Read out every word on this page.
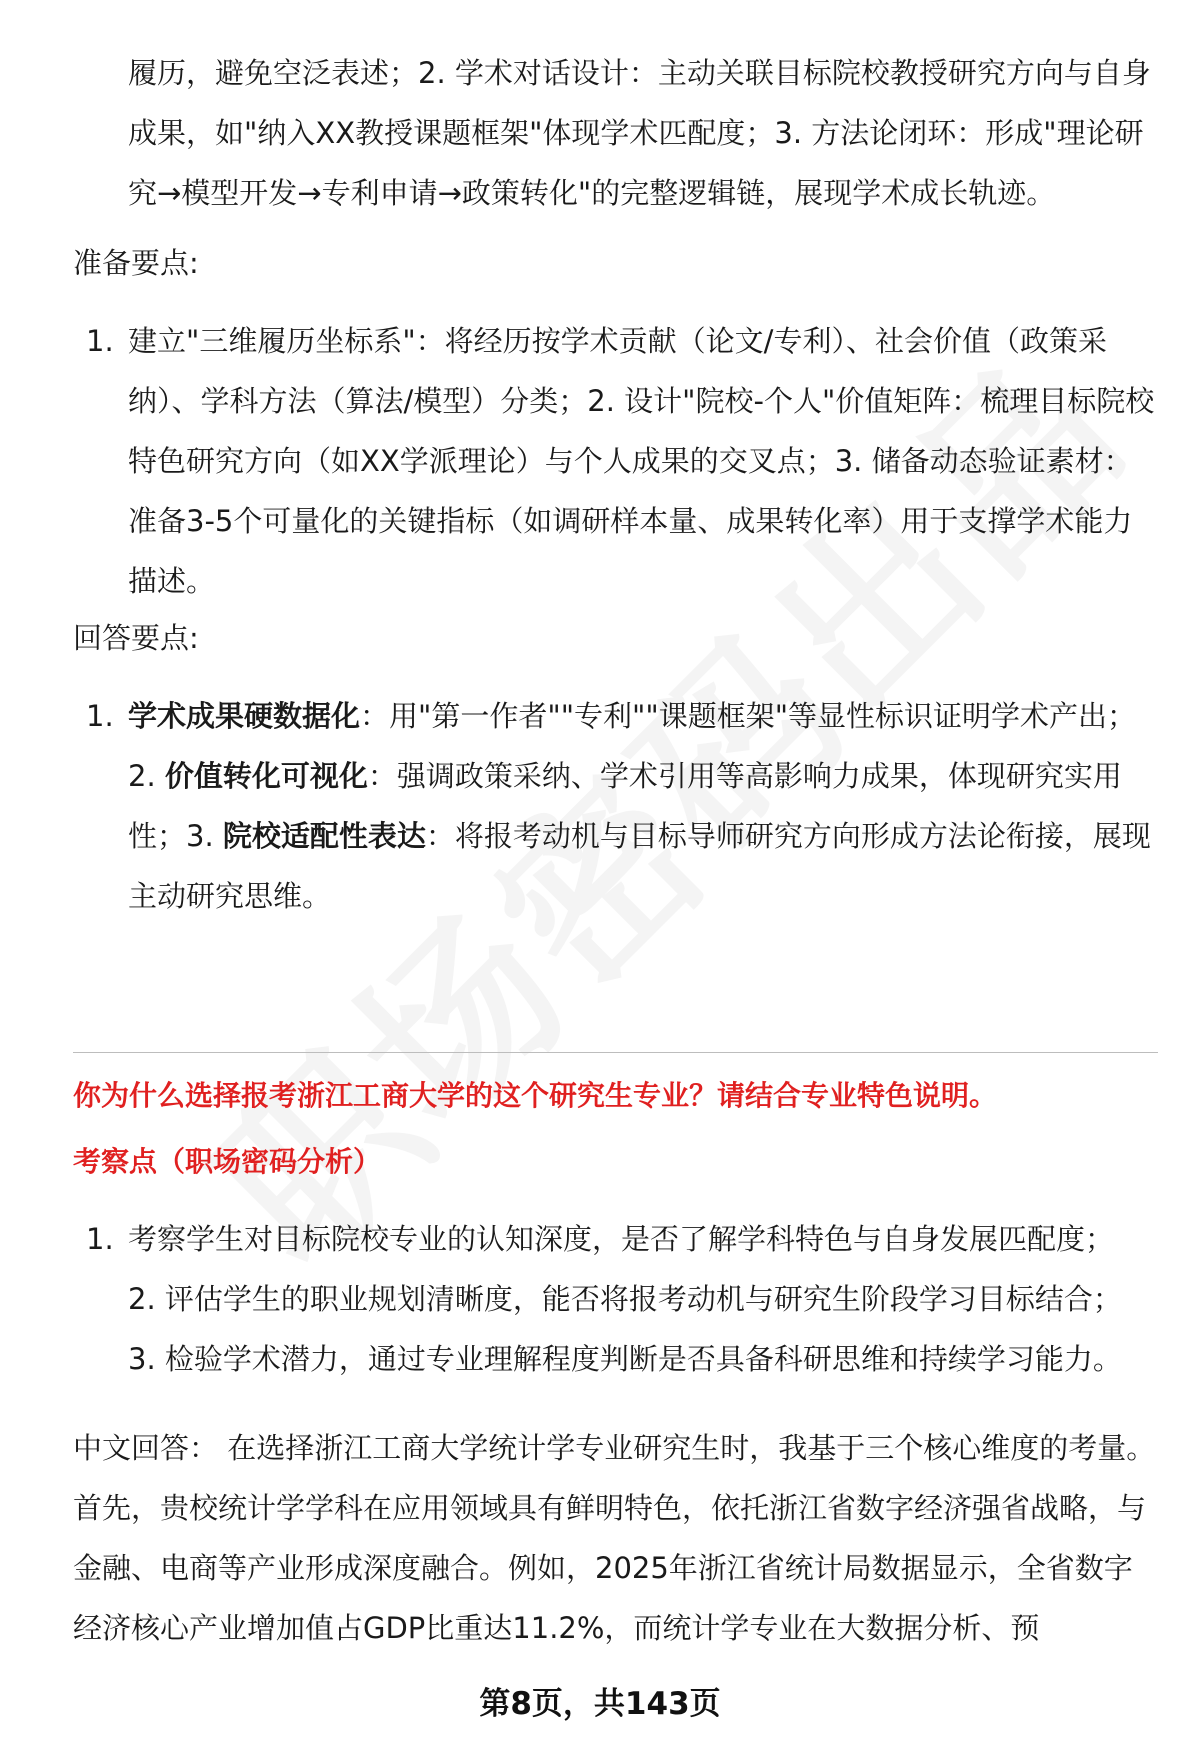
履历，避免空泛表述；2. 学术对话设计：主动关联目标院校教授研究方向与自身成果，如"纳入XX教授课题框架"体现学术匹配度；3. 方法论闭环：形成"理论研究→模型开发→专利申请→政策转化"的完整逻辑链，展现学术成长轨迹。

准备要点:

1. 建立"三维履历坐标系"：将经历按学术贡献（论文/专利）、社会价值（政策采纳）、学科方法（算法/模型）分类；2. 设计"院校-个人"价值矩阵：梳理目标院校特色研究方向（如XX学派理论）与个人成果的交叉点；3. 储备动态验证素材：准备3-5个可量化的关键指标（如调研样本量、成果转化率）用于支撑学术能力描述。

回答要点:

1. 学术成果硬数据化：用"第一作者""专利""课题框架"等显性标识证明学术产出；2. 价值转化可视化：强调政策采纳、学术引用等高影响力成果，体现研究实用性；3. 院校适配性表达：将报考动机与目标导师研究方向形成方法论衔接，展现主动研究思维。

你为什么选择报考浙江工商大学的这个研究生专业？请结合专业特色说明。

考察点（职场密码分析）

1. 考察学生对目标院校专业的认知深度，是否了解学科特色与自身发展匹配度；

2. 评估学生的职业规划清晰度，能否将报考动机与研究生阶段学习目标结合；

3. 检验学术潜力，通过专业理解程度判断是否具备科研思维和持续学习能力。

中文回答： 在选择浙江工商大学统计学专业研究生时，我基于三个核心维度的考量。首先，贵校统计学学科在应用领域具有鲜明特色，依托浙江省数字经济强省战略，与金融、电商等产业形成深度融合。例如，2025年浙江省统计局数据显示，全省数字经济核心产业增加值占GDP比重达11.2%，而统计学专业在大数据分析、预

第8页，共143页
